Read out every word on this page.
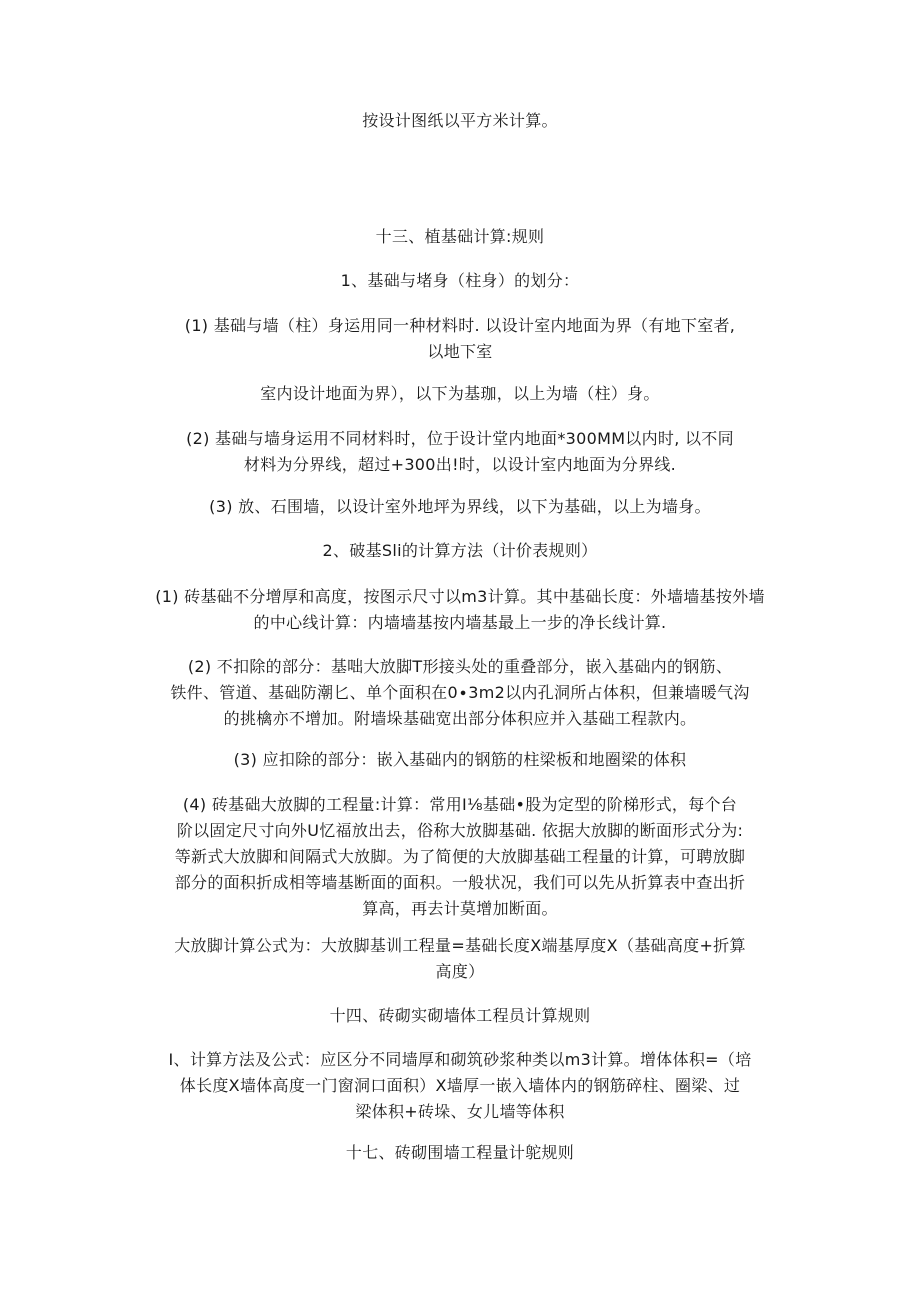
按设计图纸以平方米计算。

十三、植基础计算:规则

1、基础与堵身（柱身）的划分：

(1) 基础与墙（柱）身运用同一种材料时. 以设计室内地面为界（有地下室者,
以地下室

室内设计地面为界），以下为基珈，以上为墙（柱）身。

(2) 基础与墙身运用不同材料时，位于设计堂内地面*300MM以内时, 以不同
材料为分界线，超过+300出!时，以设计室内地面为分界线.

(3) 放、石围墙，以设计室外地坪为界线，以下为基础，以上为墙身。

2、破基Sli的计算方法（计价表规则）

(1) 砖基础不分增厚和高度，按图示尺寸以m3计算。其中基础长度：外墙墙基按外墙
的中心线计算：内墙墙基按内墙基最上一步的净长线计算.

(2) 不扣除的部分：基咄大放脚T形接头处的重叠部分，嵌入基础内的钢筋、
铁件、管道、基础防潮匕、单个面积在0∙3m2以内孔洞所占体积，但兼墙暖气沟
的挑檎亦不增加。附墙垛基础宽出部分体积应并入基础工程款内。

(3) 应扣除的部分：嵌入基础内的钢筋的柱梁板和地圈梁的体积

(4) 砖基础大放脚的工程量:计算：常用I⅛基础•股为定型的阶梯形式，每个台
阶以固定尺寸向外U忆福放出去，俗称大放脚基础. 依据大放脚的断面形式分为:
等新式大放脚和间隔式大放脚。为了简便的大放脚基础工程量的计算，可聘放脚
部分的面积折成相等墙基断面的面积。一般状况，我们可以先从折算表中查出折
算高，再去计莫增加断面。

大放脚计算公式为：大放脚基训工程量=基础长度X端基厚度X（基础高度+折算
高度）

十四、砖砌实砌墙体工程员计算规则

I、计算方法及公式：应区分不同墙厚和砌筑砂浆种类以m3计算。增体体积=（培
体长度X墙体高度一门窗洞口面积）X墙厚一嵌入墙体内的钢筋碎柱、圈梁、过
梁体积+砖垛、女儿墙等体积

十七、砖砌围墙工程量计鸵规则
